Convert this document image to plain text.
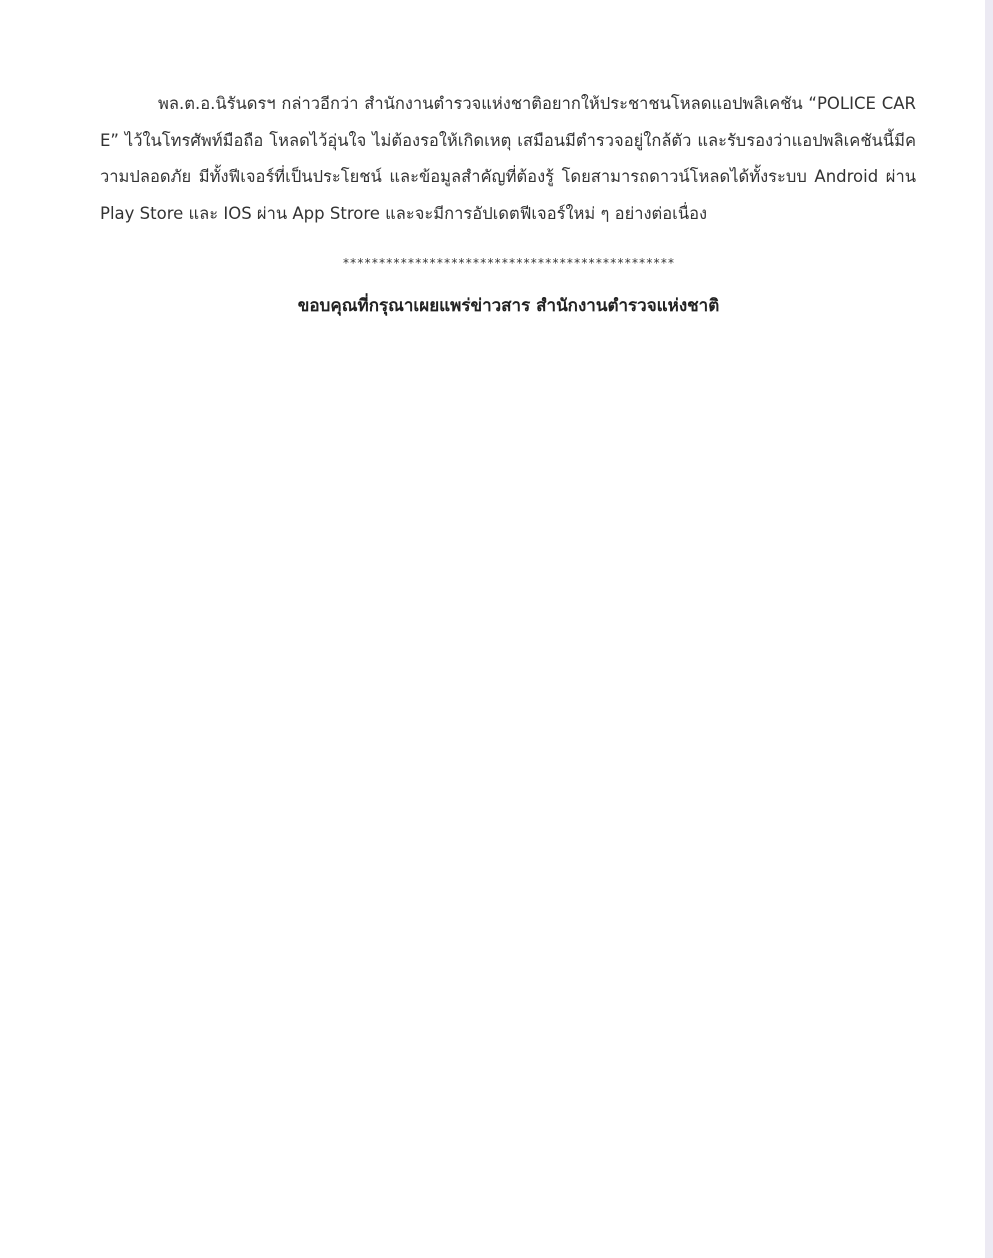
พล.ต.อ.นิรันดรฯ กล่าวอีกว่า สำนักงานตำรวจแห่งชาติอยากให้ประชาชนโหลดแอปพลิเคชัน “POLICE CARE” ไว้ในโทรศัพท์มือถือ โหลดไว้อุ่นใจ ไม่ต้องรอให้เกิดเหตุ เสมือนมีตำรวจอยู่ใกล้ตัว และรับรองว่าแอปพลิเคชันนี้มีความปลอดภัย มีทั้งฟีเจอร์ที่เป็นประโยชน์ และข้อมูลสำคัญที่ต้องรู้ โดยสามารถดาวน์โหลดได้ทั้งระบบ Android ผ่าน Play Store และ IOS ผ่าน App Strore และจะมีการอัปเดตฟีเจอร์ใหม่ ๆ อย่างต่อเนื่อง

**********************************************
ขอบคุณที่กรุณาเผยแพร่ข่าวสาร สำนักงานตำรวจแห่งชาติ
